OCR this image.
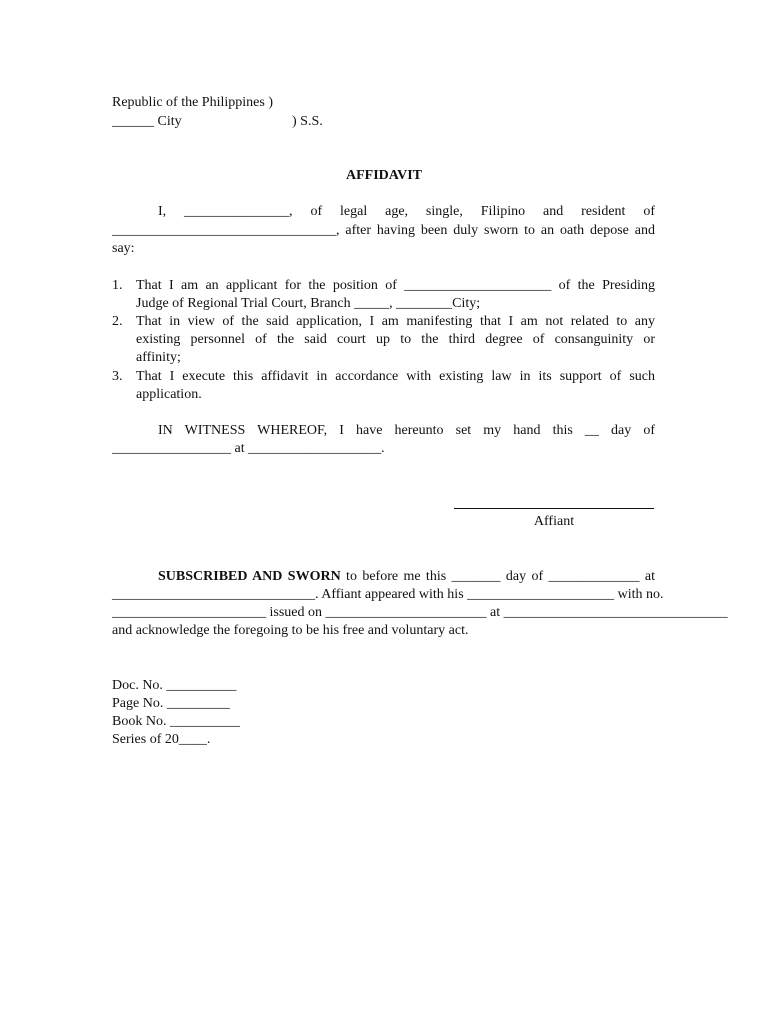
Republic of the Philippines )
______ City	) S.S.
AFFIDAVIT
I, _______________, of legal age, single, Filipino and resident of
________________________________, after having been duly sworn to an oath depose and
say:
1. That I am an applicant for the position of _____________________ of the Presiding
Judge of Regional Trial Court, Branch _____, ________City;
2. That in view of the said application, I am manifesting that I am not related to any
existing personnel of the said court up to the third degree of consanguinity or
affinity;
3. That I execute this affidavit in accordance with existing law in its support of such
application.
IN WITNESS WHEREOF, I have hereunto set my hand this __ day of
_________________ at ___________________.
Affiant
SUBSCRIBED AND SWORN to before me this _______ day of _____________ at
_____________________________. Affiant appeared with his _____________________ with no.
______________________ issued on _______________________ at ________________________________
and acknowledge the foregoing to be his free and voluntary act.
Doc. No. __________
Page No. _________
Book No. __________
Series of 20____.
